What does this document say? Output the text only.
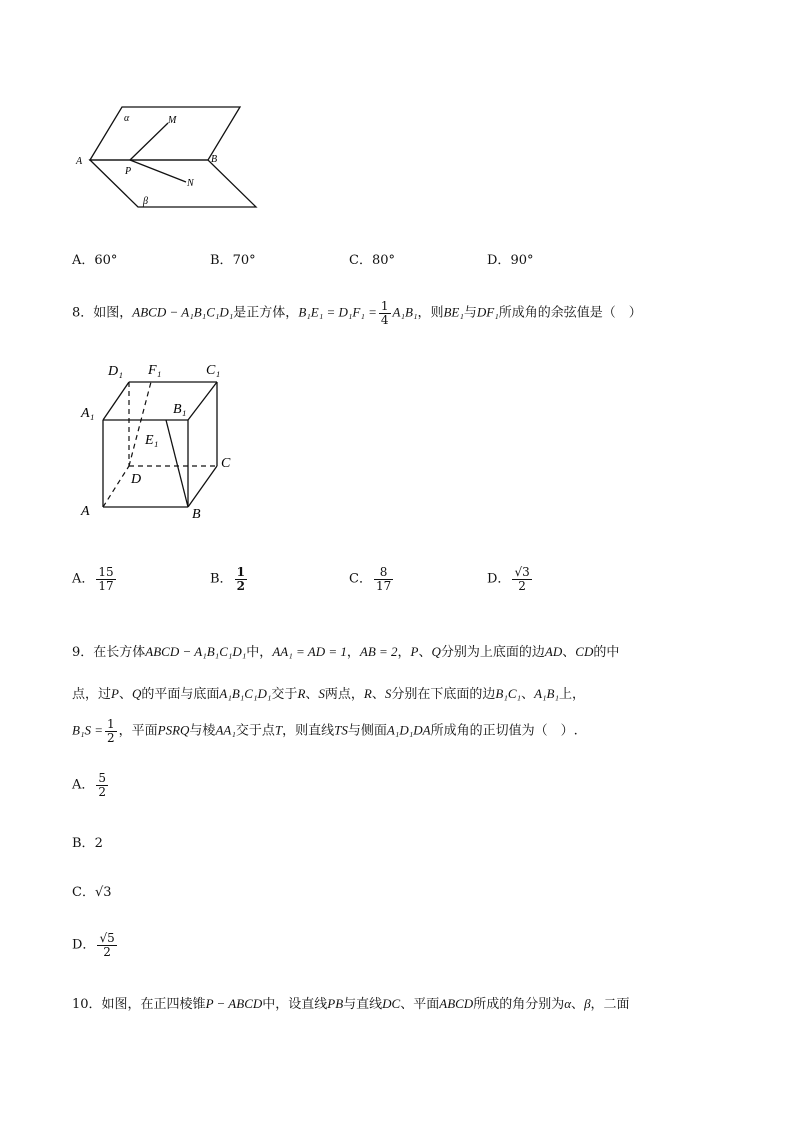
α	M
A	B
P
N
β
A．60°	B．70°	C．80°	D．90°
8．如图，ABCD − A₁B₁C₁D₁是正方体，$B_1E_1 = D_1F_1 = \frac{1}{4} A_1B_1$，则BE₁与DF₁所成角的余弦值是（　）
D₁ F₁	C₁
A₁	B₁
E₁
C
D
A	B
A． $\frac{15}{17}$	B． $\frac{1}{2}$	C． $\frac{8}{17}$	D． $\frac{√3}{2}$
9．在长方体ABCD − A₁B₁C₁D₁中，AA₁ = AD = 1，AB = 2，P、Q分别为上底面的边AD、CD的中
点，过P、Q的平面与底面A₁B₁C₁D₁交于R、S两点，R、S分别在下底面的边B₁C₁、A₁B₁上，
$B_1S = \frac{1}{2}$ ，平面PSRQ与棱AA₁交于点T，则直线TS与侧面A₁D₁DA所成角的正切值为（　）.
A． $\frac{5}{2}$
B．2
C．√3
D． $\frac{√5}{2}$
10．如图，在正四棱锥P − ABCD中，设直线PB与直线DC、平面ABCD所成的角分别为α、β，二面
